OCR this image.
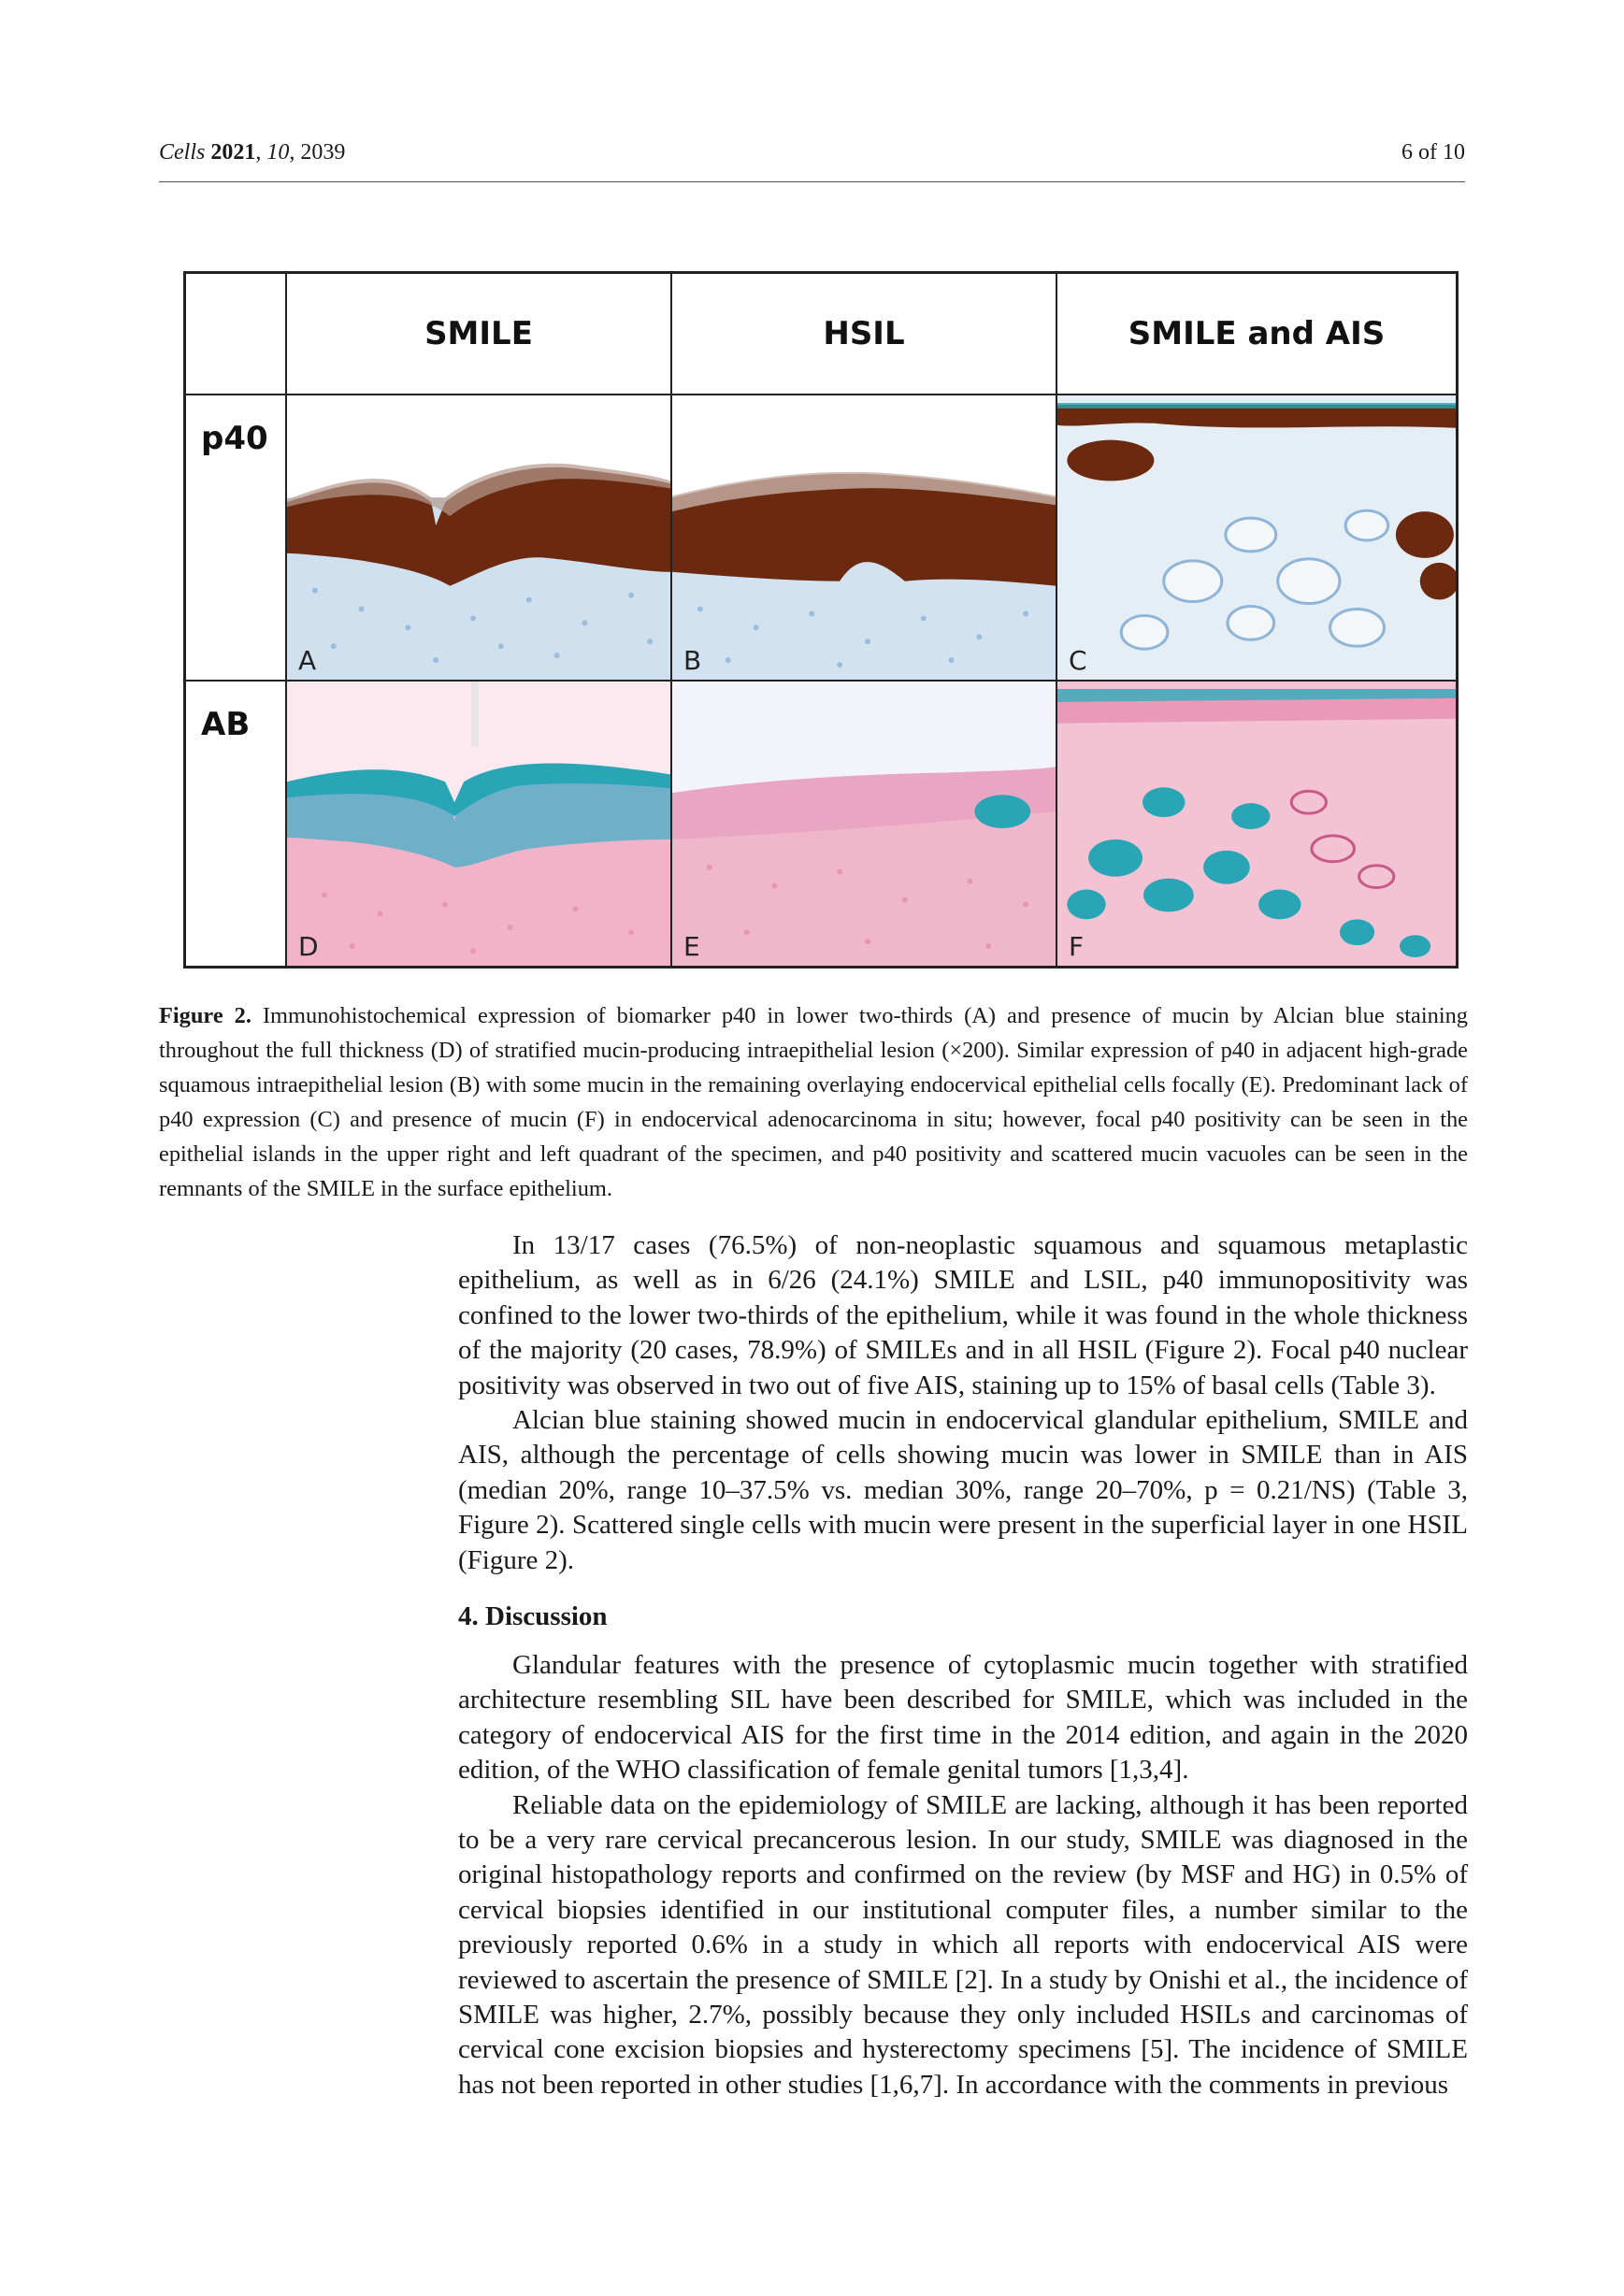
Cells 2021, 10, 2039	6 of 10
SMILE	HSIL	SMILE and AIS
p40
A	B	C
AB
D	E	F
Figure 2. Immunohistochemical expression of biomarker p40 in lower two-thirds (A) and presence of mucin by Alcian blue staining throughout the full thickness (D) of stratified mucin-producing intraepithelial lesion (×200). Similar expression of p40 in adjacent high-grade squamous intraepithelial lesion (B) with some mucin in the remaining overlaying endocervical epithelial cells focally (E). Predominant lack of p40 expression (C) and presence of mucin (F) in endocervical adenocarcinoma in situ; however, focal p40 positivity can be seen in the epithelial islands in the upper right and left quadrant of the specimen, and p40 positivity and scattered mucin vacuoles can be seen in the remnants of the SMILE in the surface epithelium.

In 13/17 cases (76.5%) of non-neoplastic squamous and squamous metaplastic epithelium, as well as in 6/26 (24.1%) SMILE and LSIL, p40 immunopositivity was confined to the lower two-thirds of the epithelium, while it was found in the whole thickness of the majority (20 cases, 78.9%) of SMILEs and in all HSIL (Figure 2). Focal p40 nuclear positivity was observed in two out of five AIS, staining up to 15% of basal cells (Table 3).

Alcian blue staining showed mucin in endocervical glandular epithelium, SMILE and AIS, although the percentage of cells showing mucin was lower in SMILE than in AIS (median 20%, range 10–37.5% vs. median 30%, range 20–70%, p = 0.21/NS) (Table 3, Figure 2). Scattered single cells with mucin were present in the superficial layer in one HSIL (Figure 2).

4. Discussion

Glandular features with the presence of cytoplasmic mucin together with stratified architecture resembling SIL have been described for SMILE, which was included in the category of endocervical AIS for the first time in the 2014 edition, and again in the 2020 edition, of the WHO classification of female genital tumors [1,3,4].

Reliable data on the epidemiology of SMILE are lacking, although it has been reported to be a very rare cervical precancerous lesion. In our study, SMILE was diagnosed in the original histopathology reports and confirmed on the review (by MSF and HG) in 0.5% of cervical biopsies identified in our institutional computer files, a number similar to the previously reported 0.6% in a study in which all reports with endocervical AIS were reviewed to ascertain the presence of SMILE [2]. In a study by Onishi et al., the incidence of SMILE was higher, 2.7%, possibly because they only included HSILs and carcinomas of cervical cone excision biopsies and hysterectomy specimens [5]. The incidence of SMILE has not been reported in other studies [1,6,7]. In accordance with the comments in previous
